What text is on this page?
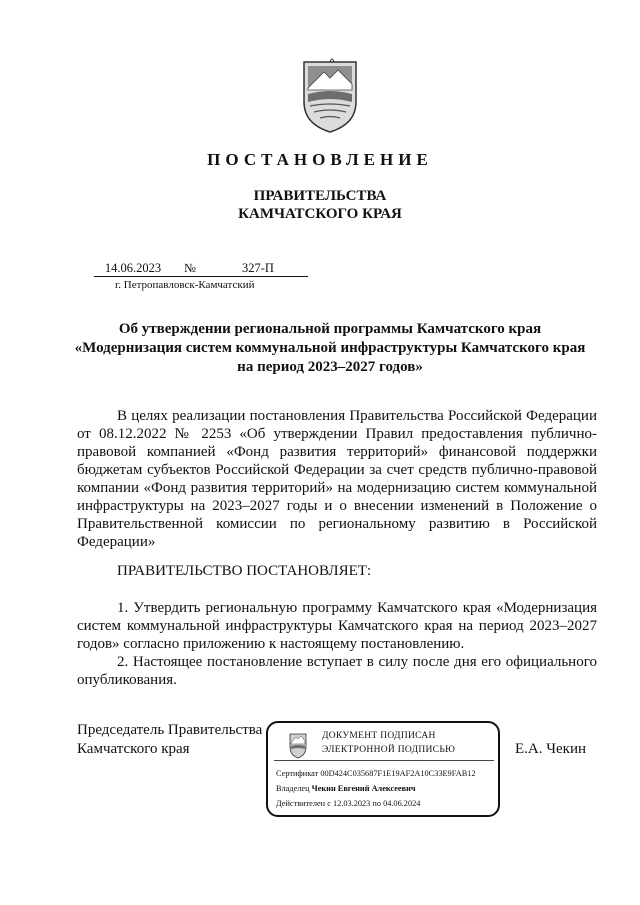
ПОСТАНОВЛЕНИЕ
ПРАВИТЕЛЬСТВА
КАМЧАТСКОГО КРАЯ
14.06.2023 №	327-П
г. Петропавловск-Камчатский
Об утверждении региональной программы Камчатского края
«Модернизация систем коммунальной инфраструктуры Камчатского края
на период 2023–2027 годов»
В целях реализации постановления Правительства Российской Федерации от 08.12.2022 № 2253 «Об утверждении Правил предоставления публично-правовой компанией «Фонд развития территорий» финансовой поддержки бюджетам субъектов Российской Федерации за счет средств публично-правовой компании «Фонд развития территорий» на модернизацию систем коммунальной инфраструктуры на 2023–2027 годы и о внесении изменений в Положение о Правительственной комиссии по региональному развитию в Российской Федерации»
ПРАВИТЕЛЬСТВО ПОСТАНОВЛЯЕТ:
1. Утвердить региональную программу Камчатского края «Модернизация систем коммунальной инфраструктуры Камчатского края на период 2023–2027 годов» согласно приложению к настоящему постановлению.
2. Настоящее постановление вступает в силу после дня его официального опубликования.
Председатель Правительства
Камчатского края	Е.А. Чекин
ДОКУМЕНТ ПОДПИСАН
ЭЛЕКТРОННОЙ ПОДПИСЬЮ
Сертификат 00D424C035687F1E19AF2A10C33E9FAB12
Владелец Чекин Евгений Алексеевич
Действителен с 12.03.2023 по 04.06.2024
